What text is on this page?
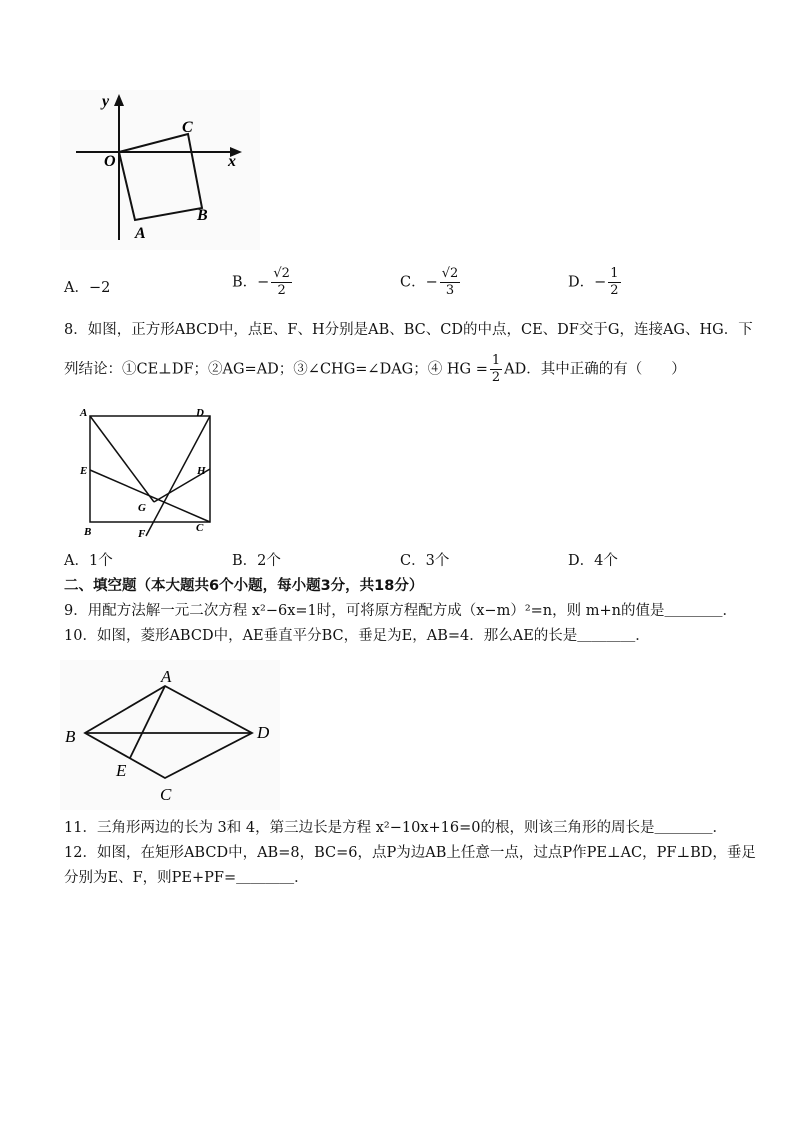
y
x
O
C
B
A
A．−2	B．− $\frac{√2}{2}$	C．− $\frac{√2}{3}$	D．− $\frac{1}{2}$
8．如图，正方形ABCD中，点E、F、H分别是AB、BC、CD的中点，CE、DF交于G，连接AG、HG．下
列结论：①CE⊥DF；②AG=AD；③∠CHG=∠DAG；④ HG = $\frac{1}{2}$ AD．其中正确的有（　　）
A	D
E	H
G
B	F	C
A．1个	B．2个	C．3个	D．4个
二、填空题（本大题共6个小题，每小题3分，共18分）
9．用配方法解一元二次方程 x²−6x=1时，可将原方程配方成（x−m）²=n，则 m+n的值是＿＿＿＿．
10．如图，菱形ABCD中，AE垂直平分BC，垂足为E，AB=4．那么AE的长是＿＿＿＿．
A
B	D
E
C
11．三角形两边的长为 3和 4，第三边长是方程 x²−10x+16=0的根，则该三角形的周长是＿＿＿＿．
12．如图，在矩形ABCD中，AB=8，BC=6，点P为边AB上任意一点，过点P作PE⊥AC，PF⊥BD，垂足
分别为E、F，则PE+PF=＿＿＿＿．
